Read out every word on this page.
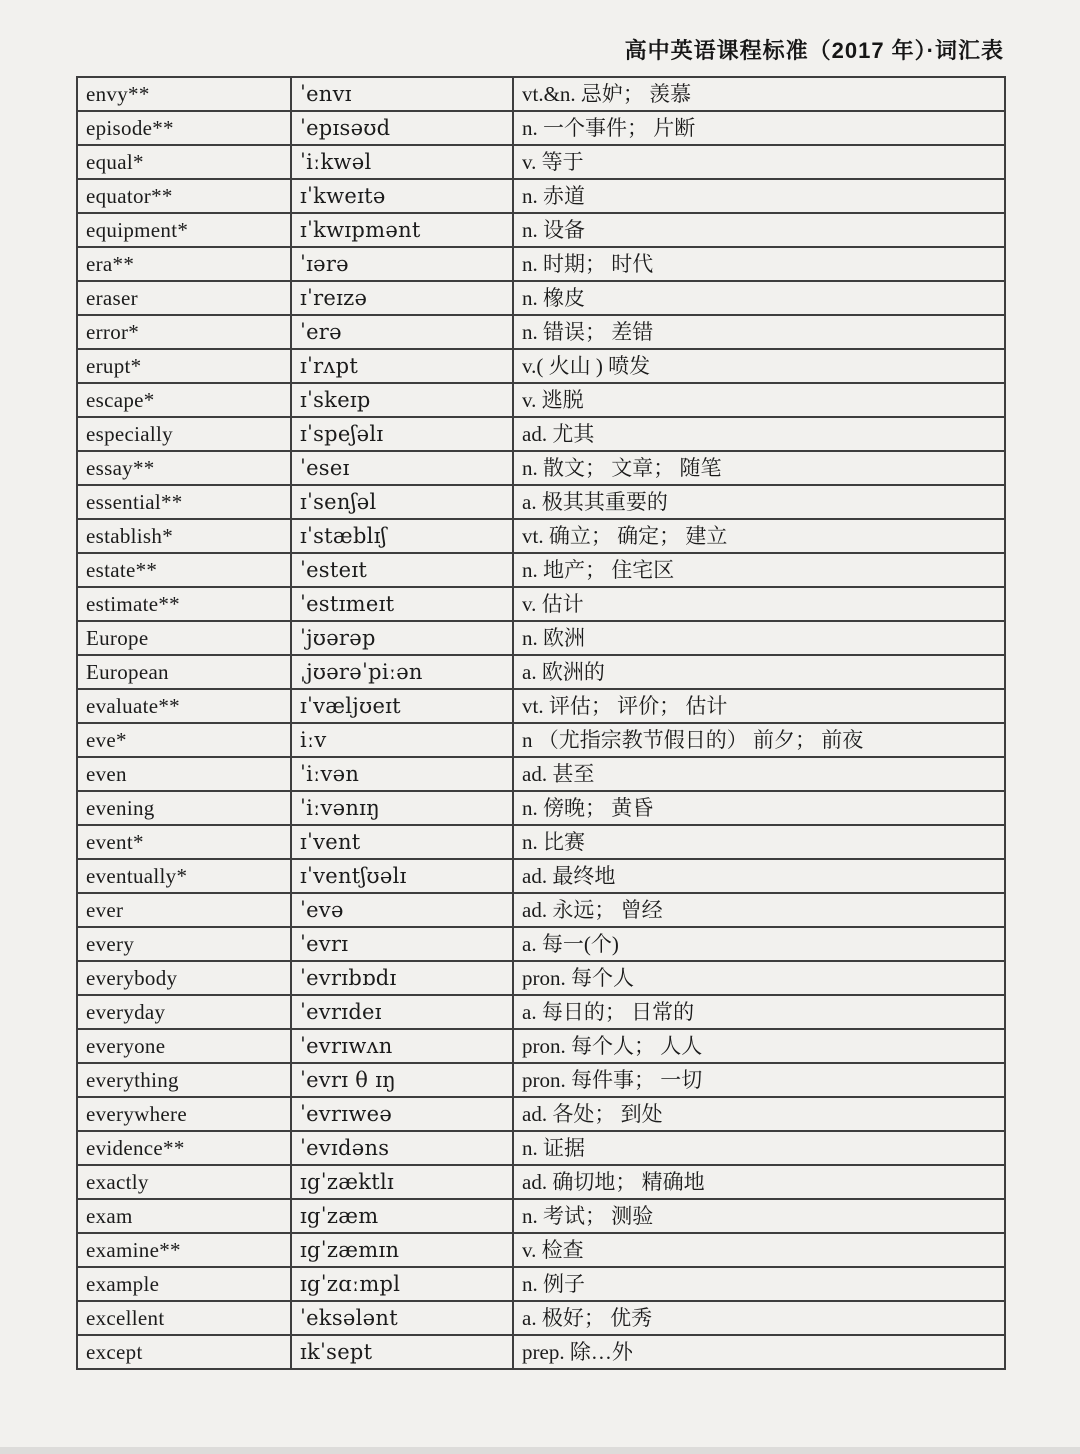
高中英语课程标准（2017 年）·词汇表
envy**	ˈenvɪ	vt.&n. 忌妒； 羡慕
episode**	ˈepɪsəʊd	n. 一个事件； 片断
equal*	ˈiːkwəl	v. 等于
equator**	ɪˈkweɪtə	n. 赤道
equipment*	ɪˈkwɪpmənt	n. 设备
era**	ˈɪərə	n. 时期； 时代
eraser	ɪˈreɪzə	n. 橡皮
error*	ˈerə	n. 错误； 差错
erupt*	ɪˈrʌpt	v.( 火山 ) 喷发
escape*	ɪˈskeɪp	v. 逃脱
especially	ɪˈspeʃəlɪ	ad. 尤其
essay**	ˈeseɪ	n. 散文； 文章； 随笔
essential**	ɪˈsenʃəl	a. 极其其重要的
establish*	ɪˈstæblɪʃ	vt. 确立； 确定； 建立
estate**	ˈesteɪt	n. 地产； 住宅区
estimate**	ˈestɪmeɪt	v. 估计
Europe	ˈjʊərəp	n. 欧洲
European	ˌjʊərəˈpiːən	a. 欧洲的
evaluate**	ɪˈvæljʊeɪt	vt. 评估； 评价； 估计
eve*	iːv	n （尤指宗教节假日的） 前夕； 前夜
even	ˈiːvən	ad. 甚至
evening	ˈiːvənɪŋ	n. 傍晚； 黄昏
event*	ɪˈvent	n. 比赛
eventually*	ɪˈventʃʊəlɪ	ad. 最终地
ever	ˈevə	ad. 永远； 曾经
every	ˈevrɪ	a. 每一(个)
everybody	ˈevrɪbɒdɪ	pron. 每个人
everyday	ˈevrɪdeɪ	a. 每日的； 日常的
everyone	ˈevrɪwʌn	pron. 每个人； 人人
everything	ˈevrɪ θ ɪŋ	pron. 每件事； 一切
everywhere	ˈevrɪweə	ad. 各处； 到处
evidence**	ˈevɪdəns	n. 证据
exactly	ɪgˈzæktlɪ	ad. 确切地； 精确地
exam	ɪgˈzæm	n. 考试； 测验
examine**	ɪgˈzæmɪn	v. 检查
example	ɪgˈzɑːmpl	n. 例子
excellent	ˈeksələnt	a. 极好； 优秀
except	ɪkˈsept	prep. 除…外
